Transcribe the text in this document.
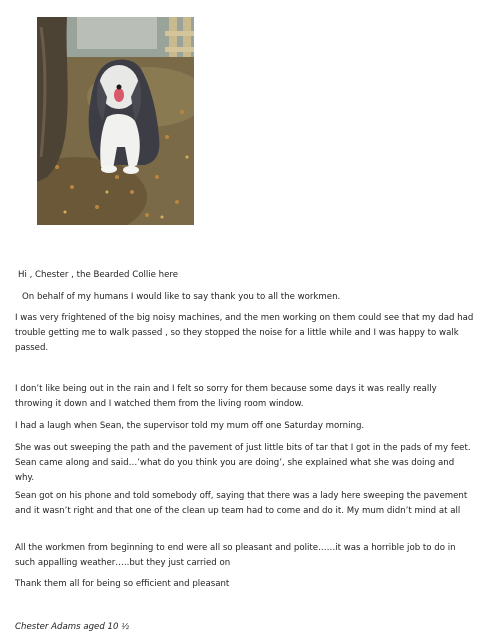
Hi , Chester , the Bearded Collie here

On behalf of my humans I would like to say thank you to all the workmen.

I was very frightened of the big noisy machines, and the men working on them could see that my dad had trouble getting me to walk passed , so they stopped the noise for a little while and I was happy to walk passed.

I don’t like being out in the rain and I felt so sorry for them because some days it was really really throwing it down and I watched them from the living room window.

I had a laugh when Sean, the supervisor told my mum off one Saturday morning.

She was out sweeping the path and the pavement of just little bits of tar that I got in the pads of my feet. Sean came along and said…’what do you think you are doing’, she explained what she was doing and why.

Sean got on his phone and told somebody off, saying that there was a lady here sweeping the pavement and it wasn’t right and that one of the clean up team had to come and do it. My mum didn’t mind at all

All the workmen from beginning to end were all so pleasant and polite……it was a horrible job to do in such appalling weather…..but they just carried on

Thank them all for being so efficient and pleasant

Chester Adams aged 10 ½
